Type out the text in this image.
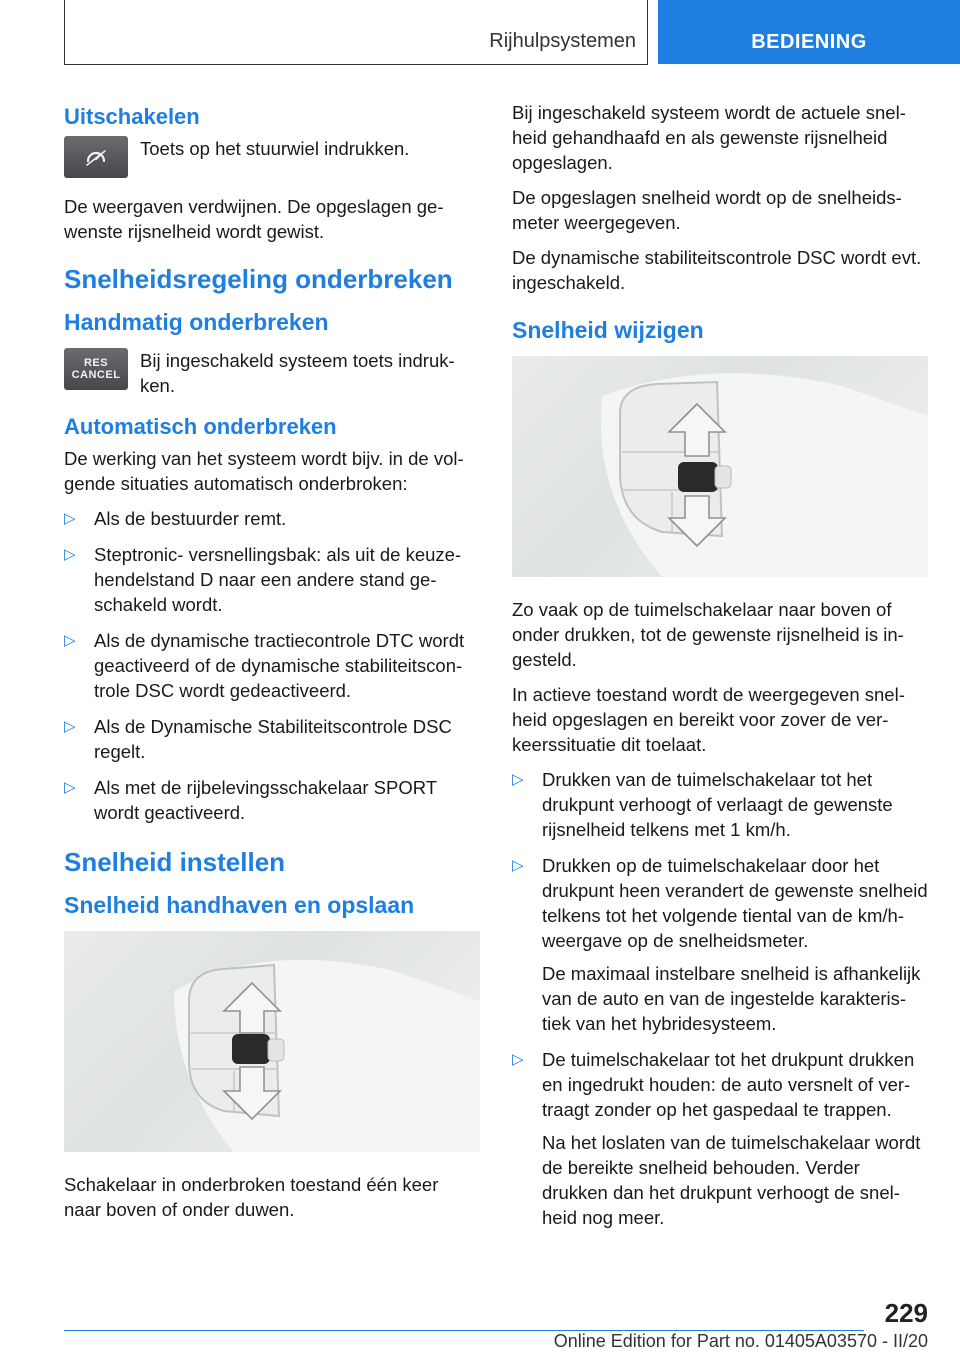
Rijhulpsystemen	BEDIENING
Uitschakelen

Toets op het stuurwiel indrukken.

De weergaven verdwijnen. De opgeslagen gewenste rijsnelheid wordt gewist.

Snelheidsregeling onderbreken
Handmatig onderbreken
RES
CANCEL

Bij ingeschakeld systeem toets indrukken.

Automatisch onderbreken

De werking van het systeem wordt bijv. in de volgende situaties automatisch onderbroken:

▷ Als de bestuurder remt.
▷ Steptronic- versnellingsbak: als uit de keuzehendelstand D naar een andere stand geschakeld wordt.
▷ Als de dynamische tractiecontrole DTC wordt geactiveerd of de dynamische stabiliteitscontrole DSC wordt gedeactiveerd.
▷ Als de Dynamische Stabiliteitscontrole DSC regelt.
▷ Als met de rijbelevingsschakelaar SPORT wordt geactiveerd.
Snelheid instellen
Snelheid handhaven en opslaan

Schakelaar in onderbroken toestand één keer naar boven of onder duwen.

Bij ingeschakeld systeem wordt de actuele snelheid gehandhaafd en als gewenste rijsnelheid opgeslagen.

De opgeslagen snelheid wordt op de snelheidsmeter weergegeven.

De dynamische stabiliteitscontrole DSC wordt evt. ingeschakeld.

Snelheid wijzigen

Zo vaak op de tuimelschakelaar naar boven of onder drukken, tot de gewenste rijsnelheid is ingesteld.

In actieve toestand wordt de weergegeven snelheid opgeslagen en bereikt voor zover de verkeerssituatie dit toelaat.

▷ Drukken van de tuimelschakelaar tot het drukpunt verhoogt of verlaagt de gewenste rijsnelheid telkens met 1 km/h.
▷ Drukken op de tuimelschakelaar door het drukpunt heen verandert de gewenste snelheid telkens tot het volgende tiental van de km/h-weergave op de snelheidsmeter.
De maximaal instelbare snelheid is afhankelijk van de auto en van de ingestelde karakteristiek van het hybridesysteem.
▷ De tuimelschakelaar tot het drukpunt drukken en ingedrukt houden: de auto versnelt of vertraagt zonder op het gaspedaal te trappen.
Na het loslaten van de tuimelschakelaar wordt de bereikte snelheid behouden. Verder drukken dan het drukpunt verhoogt de snelheid nog meer.
229
Online Edition for Part no. 01405A03570 - II/20
